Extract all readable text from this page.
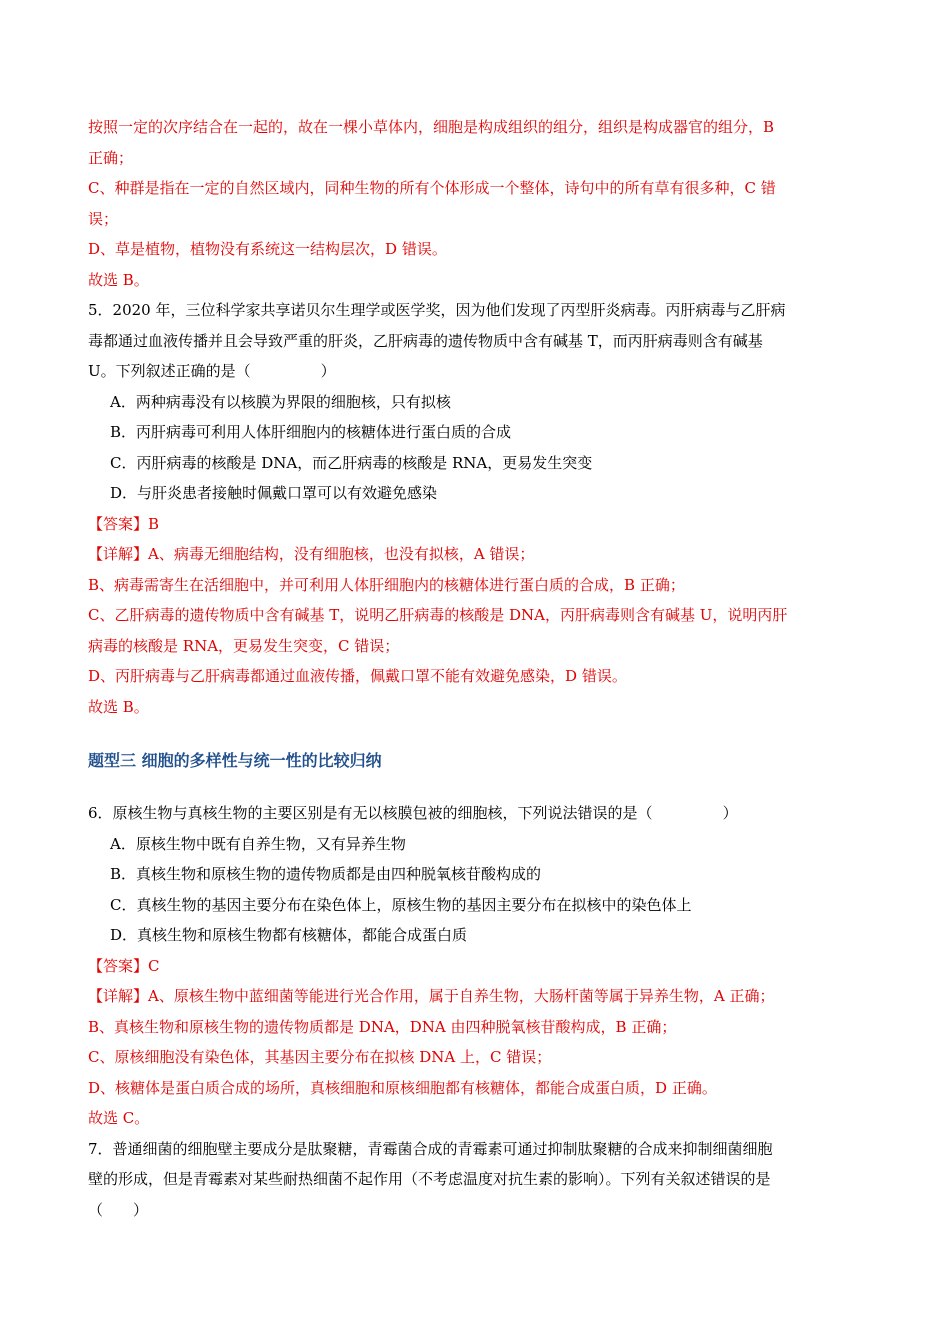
按照一定的次序结合在一起的，故在一棵小草体内，细胞是构成组织的组分，组织是构成器官的组分，B
正确；
C、种群是指在一定的自然区域内，同种生物的所有个体形成一个整体，诗句中的所有草有很多种，C 错
误；
D、草是植物，植物没有系统这一结构层次，D 错误。
故选 B。
5．2020 年，三位科学家共享诺贝尔生理学或医学奖，因为他们发现了丙型肝炎病毒。丙肝病毒与乙肝病
毒都通过血液传播并且会导致严重的肝炎，乙肝病毒的遗传物质中含有碱基 T，而丙肝病毒则含有碱基
U。下列叙述正确的是（	）
A．两种病毒没有以核膜为界限的细胞核，只有拟核
B．丙肝病毒可利用人体肝细胞内的核糖体进行蛋白质的合成
C．丙肝病毒的核酸是 DNA，而乙肝病毒的核酸是 RNA，更易发生突变
D．与肝炎患者接触时佩戴口罩可以有效避免感染
【答案】B
【详解】A、病毒无细胞结构，没有细胞核，也没有拟核，A 错误；
B、病毒需寄生在活细胞中，并可利用人体肝细胞内的核糖体进行蛋白质的合成，B 正确；
C、乙肝病毒的遗传物质中含有碱基 T，说明乙肝病毒的核酸是 DNA，丙肝病毒则含有碱基 U，说明丙肝
病毒的核酸是 RNA，更易发生突变，C 错误；
D、丙肝病毒与乙肝病毒都通过血液传播，佩戴口罩不能有效避免感染，D 错误。
故选 B。
题型三 细胞的多样性与统一性的比较归纳
6．原核生物与真核生物的主要区别是有无以核膜包被的细胞核，下列说法错误的是（	）
A．原核生物中既有自养生物，又有异养生物
B．真核生物和原核生物的遗传物质都是由四种脱氧核苷酸构成的
C．真核生物的基因主要分布在染色体上，原核生物的基因主要分布在拟核中的染色体上
D．真核生物和原核生物都有核糖体，都能合成蛋白质
【答案】C
【详解】A、原核生物中蓝细菌等能进行光合作用，属于自养生物，大肠杆菌等属于异养生物，A 正确；
B、真核生物和原核生物的遗传物质都是 DNA，DNA 由四种脱氧核苷酸构成，B 正确；
C、原核细胞没有染色体，其基因主要分布在拟核 DNA 上，C 错误；
D、核糖体是蛋白质合成的场所，真核细胞和原核细胞都有核糖体，都能合成蛋白质，D 正确。
故选 C。
7．普通细菌的细胞壁主要成分是肽聚糖，青霉菌合成的青霉素可通过抑制肽聚糖的合成来抑制细菌细胞
壁的形成，但是青霉素对某些耐热细菌不起作用（不考虑温度对抗生素的影响）。下列有关叙述错误的是
（ ）
